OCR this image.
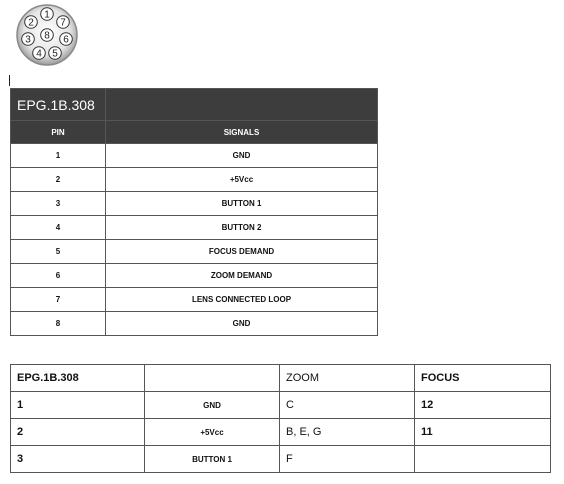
1
2	7
3 8 6
4 5
EPG.1B.308	
PIN	SIGNALS
1	GND
2	+5Vcc
3	BUTTON 1
4	BUTTON 2
5	FOCUS DEMAND
6	ZOOM DEMAND
7	LENS CONNECTED LOOP
8	GND
EPG.1B.308		ZOOM	FOCUS
1	GND	C	12
2	+5Vcc	B, E, G	11
3	BUTTON 1	F	
